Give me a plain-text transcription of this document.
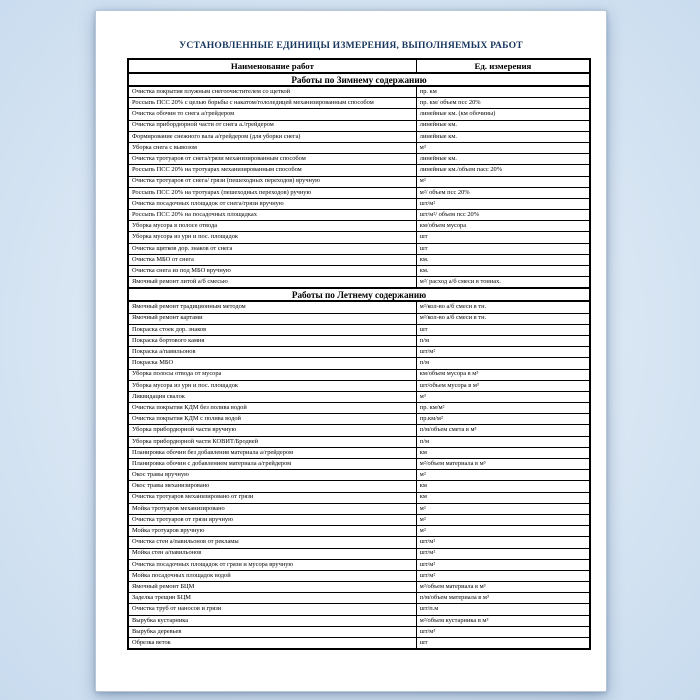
УСТАНОВЛЕННЫЕ ЕДИНИЦЫ ИЗМЕРЕНИЯ, ВЫПОЛНЯЕМЫХ РАБОТ
Наименование работ	Ед. измерения
Работы по Зимнему содержанию	
Очистка покрытия плужным снегоочистителем со щеткой	пр. км
Россыпь ПСС 20% с целью борьбы с накатом/гололедицей механизированным способом	пр. км/ объем псс 20%
Очистка обочин то снега а/грейдером	линейные км. (км обочины)
Очистка прибордюрной части от снега а./грейдером	линейные км.
Формирование снежного вала а/грейдером (для уборки снега)	линейные км.
Уборка снега с вывозом	м³
Очистка тротуаров от снега/грязи механизированным способом	линейные км.
Россыпь ПСС 20% на тротуарах механизированным способом	линейные км./объем пасс 20%
Очистка тротуаров от снега/ грязи (пешеходных переходов) вручную	м²
Россыпь ПСС 20% на тротуарах (пешеходных переходов) ручную	м²/ объем псс 20%
Очистка посадочных площадок от снега/грязи вручную	шт/м²
Россыпь ПСС 20% на посадочных площадках	шт/м²/ объем псс 20%
Уборка мусора в полосе отвода	км/объем мусора
Уборка мусора из урн и пос. площадок	шт
Очистка щитков дор. знаков от снега	шт
Очистка МБО от снега	км.
Очистка снега из под МБО вручную	км.
Ямочный ремонт литой а/б смесью	м²/ расход а/б смеси в тоннах.
Работы по Летнему содержанию	
Ямочный ремонт традиционным методом	м²/кол-во а/б смеси в тн.
Ямочный ремонт картами	м²/кол-во а/б смеси в тн.
Покраска стоек дор. знаков	шт
Покраска бортового камня	п/м
Покраска а/павильонов	шт/м²
Покраска МБО	п/м
Уборка полосы отвода от мусора	км/объем мусора в м³
Уборка мусора из урн и пос. площадок	шт/объем мусора в м³
Ликвидация свалок	м³
Очистка покрытия КДМ без полива водой	пр. км/м²
Очистка покрытия КДМ с полива водой	пр.км/м²
Уборка прибордюрной части вручную	п/м/объем смета в м³
Уборка прибордюрной части КОВИТ/Бродвей	п/м
Планировка обочин без добавления материала а/грейдером	км
Планировка обочин с добавлением материала а/грейдером	м²/объем материала в м³
Окос травы вручную	м²
Окос травы механизировано	км
Очистка тротуаров механизировано от грязи	км
Мойка тротуаров механизировано	м²
Очистка тротуаров от грязи вручную	м²
Мойка тротуаров вручную	м²
Очистка стен а/павильонов от рекламы	шт/м²
Мойка стен а/павильонов	шт/м²
Очистка посадочных площадок от грязи и мусора вручную	шт/м²
Мойка посадочных площадок водой	шт/м²
Ямочный ремонт БЦМ	м²/объем материала в м³
Заделка трещин БЦМ	п/м/объем материала в м³
Очистка труб от наносов и грязи	шт/п.м
Вырубка кустарника	м²/объем кустарника в м³
Вырубка деревьев	шт/м³
Обрезка веток	шт
